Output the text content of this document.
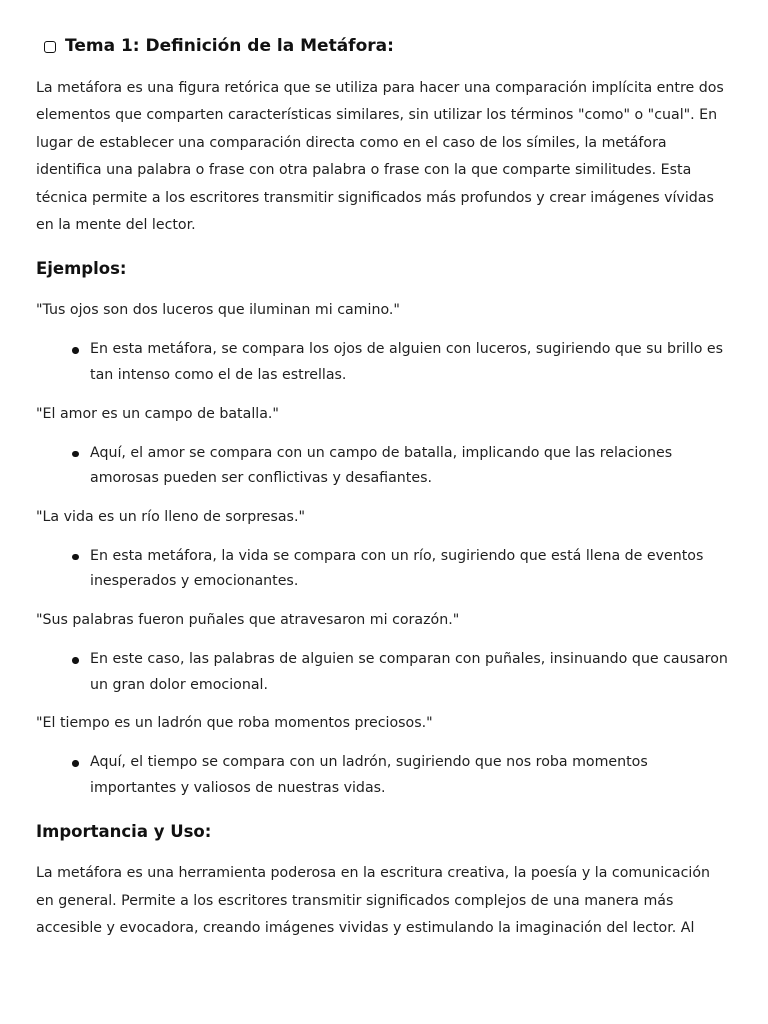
Tema 1: Definición de la Metáfora:

La metáfora es una figura retórica que se utiliza para hacer una comparación implícita entre dos
elementos que comparten características similares, sin utilizar los términos "como" o "cual". En
lugar de establecer una comparación directa como en el caso de los símiles, la metáfora
identifica una palabra o frase con otra palabra o frase con la que comparte similitudes. Esta
técnica permite a los escritores transmitir significados más profundos y crear imágenes vívidas
en la mente del lector.

Ejemplos:

"Tus ojos son dos luceros que iluminan mi camino."

En esta metáfora, se compara los ojos de alguien con luceros, sugiriendo que su brillo es
tan intenso como el de las estrellas.

"El amor es un campo de batalla."

Aquí, el amor se compara con un campo de batalla, implicando que las relaciones
amorosas pueden ser conflictivas y desafiantes.

"La vida es un río lleno de sorpresas."

En esta metáfora, la vida se compara con un río, sugiriendo que está llena de eventos
inesperados y emocionantes.

"Sus palabras fueron puñales que atravesaron mi corazón."

En este caso, las palabras de alguien se comparan con puñales, insinuando que causaron
un gran dolor emocional.

"El tiempo es un ladrón que roba momentos preciosos."

Aquí, el tiempo se compara con un ladrón, sugiriendo que nos roba momentos
importantes y valiosos de nuestras vidas.
Importancia y Uso:

La metáfora es una herramienta poderosa en la escritura creativa, la poesía y la comunicación
en general. Permite a los escritores transmitir significados complejos de una manera más
accesible y evocadora, creando imágenes vividas y estimulando la imaginación del lector. Al
